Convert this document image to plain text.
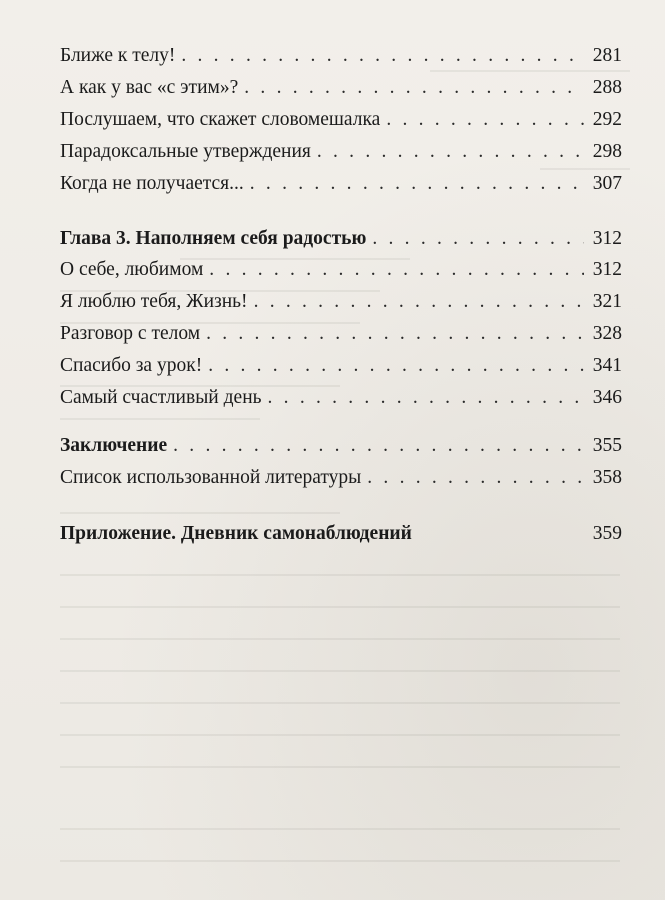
Ближе к телу! . . .	281
А как у вас «с этим»? . . .	288
Послушаем, что скажет словомешалка . . .	292
Парадоксальные утверждения . . .	298
Когда не получается... . . .	307
Глава 3. Наполняем себя радостью . . .	312
О себе, любимом . . .	312
Я люблю тебя, Жизнь! . . .	321
Разговор с телом . . .	328
Спасибо за урок! . . .	341
Самый счастливый день . . .	346
Заключение . . .	355
Список использованной литературы . . .	358
Приложение. Дневник самонаблюдений	359
